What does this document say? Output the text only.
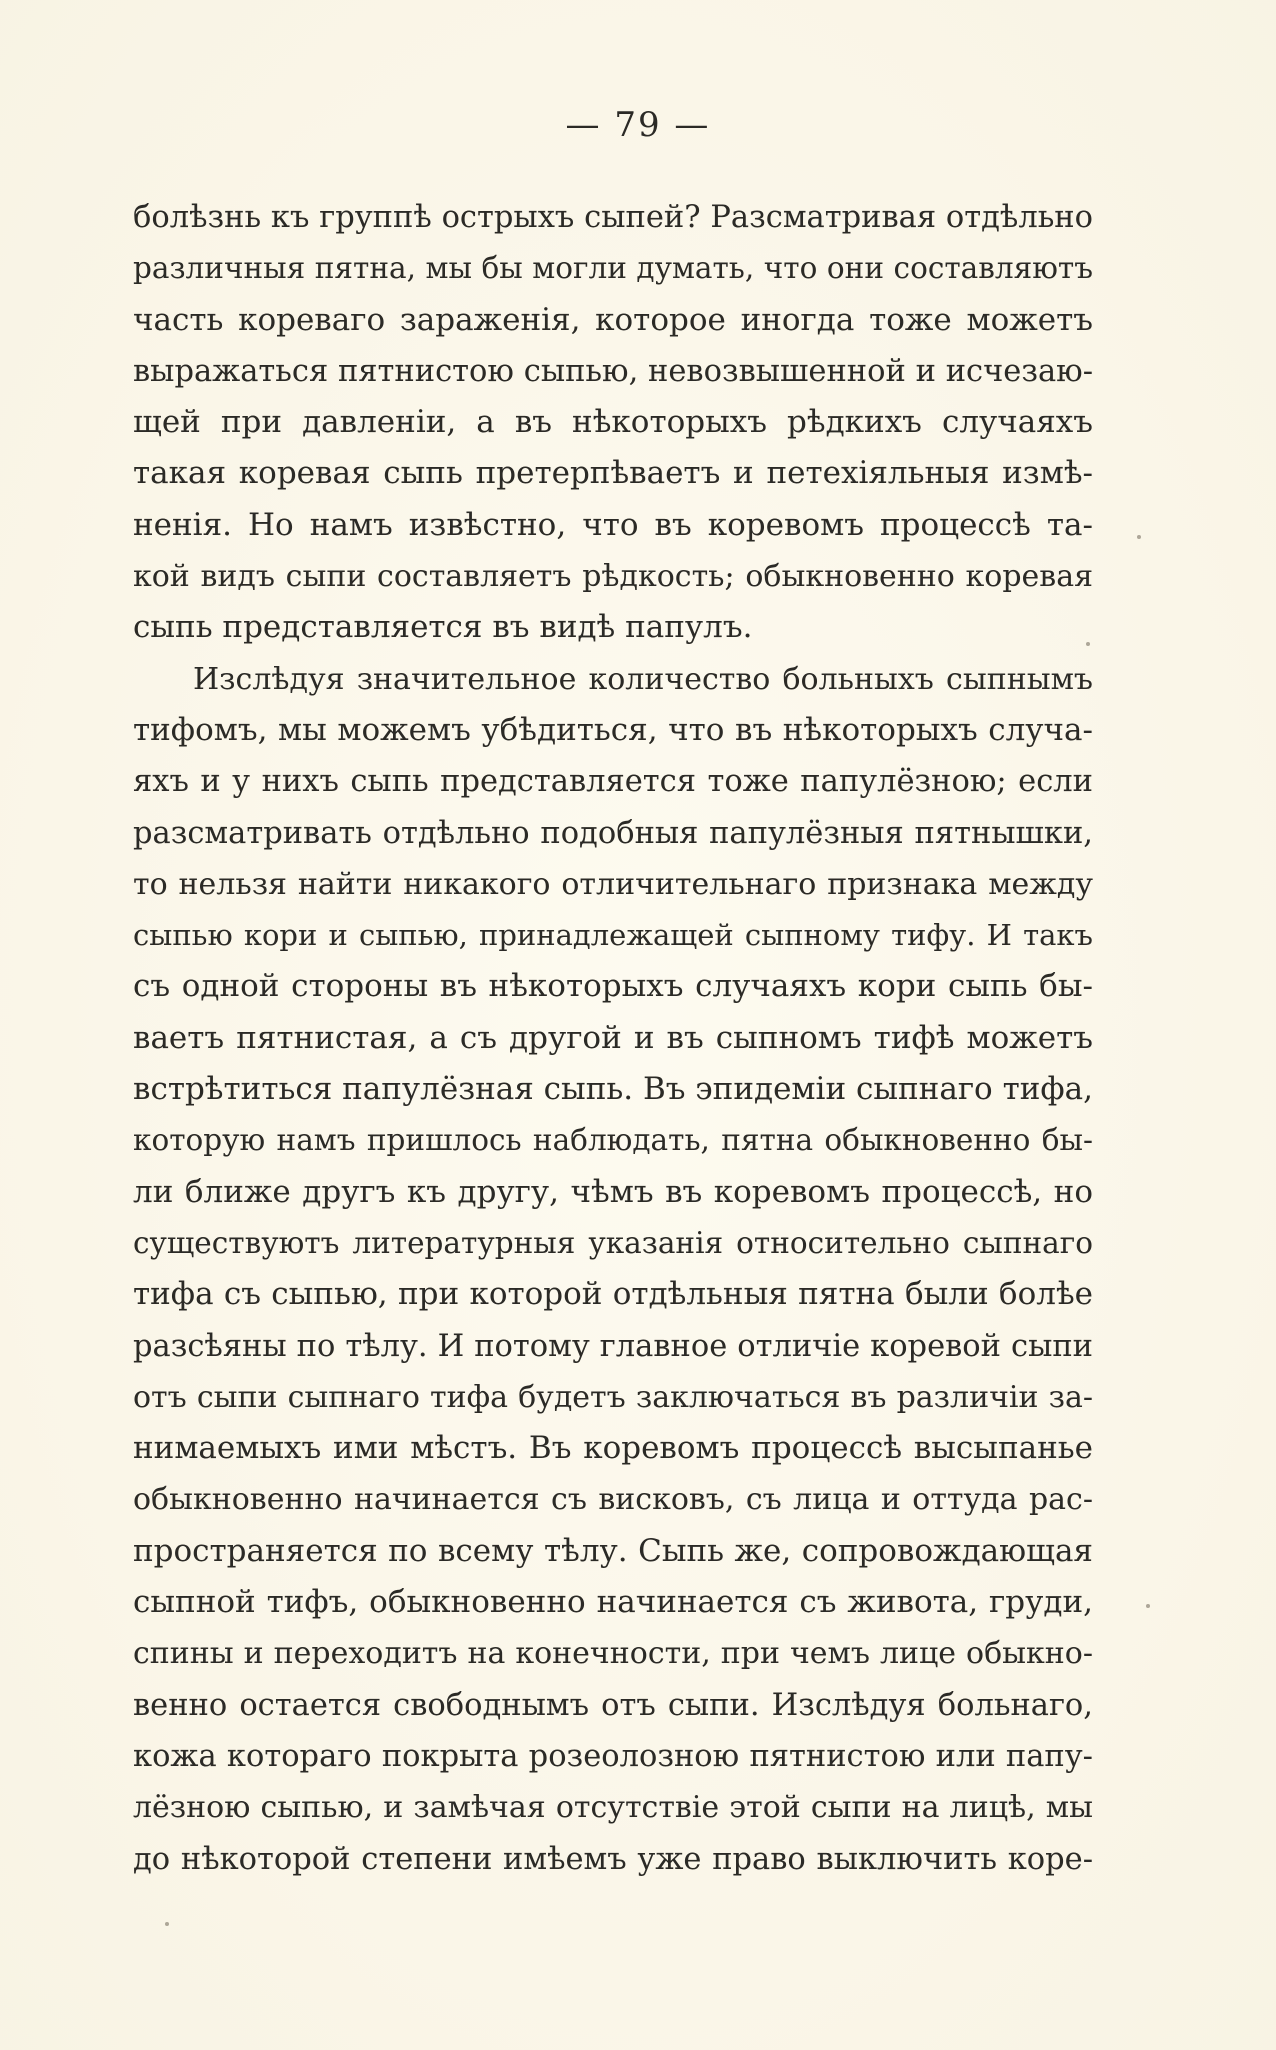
— 79 —
болѣзнь къ группѣ острыхъ сыпей? Разсматривая отдѣльно
различныя пятна, мы бы могли думать, что они составляютъ
часть кореваго зараженія, которое иногда тоже можетъ
выражаться пятнистою сыпью, невозвышенной и исчезаю-
щей при давленіи, а въ нѣкоторыхъ рѣдкихъ случаяхъ
такая коревая сыпь претерпѣваетъ и петехіяльныя измѣ-
ненія. Но намъ извѣстно, что въ коревомъ процессѣ та-
кой видъ сыпи составляетъ рѣдкость; обыкновенно коревая
сыпь представляется въ видѣ папулъ.
Изслѣдуя значительное количество больныхъ сыпнымъ
тифомъ, мы можемъ убѣдиться, что въ нѣкоторыхъ случа-
яхъ и у нихъ сыпь представляется тоже папулёзною; если
разсматривать отдѣльно подобныя папулёзныя пятнышки,
то нельзя найти никакого отличительнаго признака между
сыпью кори и сыпью, принадлежащей сыпному тифу. И такъ
съ одной стороны въ нѣкоторыхъ случаяхъ кори сыпь бы-
ваетъ пятнистая, а съ другой и въ сыпномъ тифѣ можетъ
встрѣтиться папулёзная сыпь. Въ эпидеміи сыпнаго тифа,
которую намъ пришлось наблюдать, пятна обыкновенно бы-
ли ближе другъ къ другу, чѣмъ въ коревомъ процессѣ, но
существуютъ литературныя указанія относительно сыпнаго
тифа съ сыпью, при которой отдѣльныя пятна были болѣе
разсѣяны по тѣлу. И потому главное отличіе коревой сыпи
отъ сыпи сыпнаго тифа будетъ заключаться въ различіи за-
нимаемыхъ ими мѣстъ. Въ коревомъ процессѣ высыпанье
обыкновенно начинается съ висковъ, съ лица и оттуда рас-
пространяется по всему тѣлу. Сыпь же, сопровождающая
сыпной тифъ, обыкновенно начинается съ живота, груди,
спины и переходитъ на конечности, при чемъ лице обыкно-
венно остается свободнымъ отъ сыпи. Изслѣдуя больнаго,
кожа котораго покрыта розеолозною пятнистою или папу-
лёзною сыпью, и замѣчая отсутствіе этой сыпи на лицѣ, мы
до нѣкоторой степени имѣемъ уже право выключить коре-
